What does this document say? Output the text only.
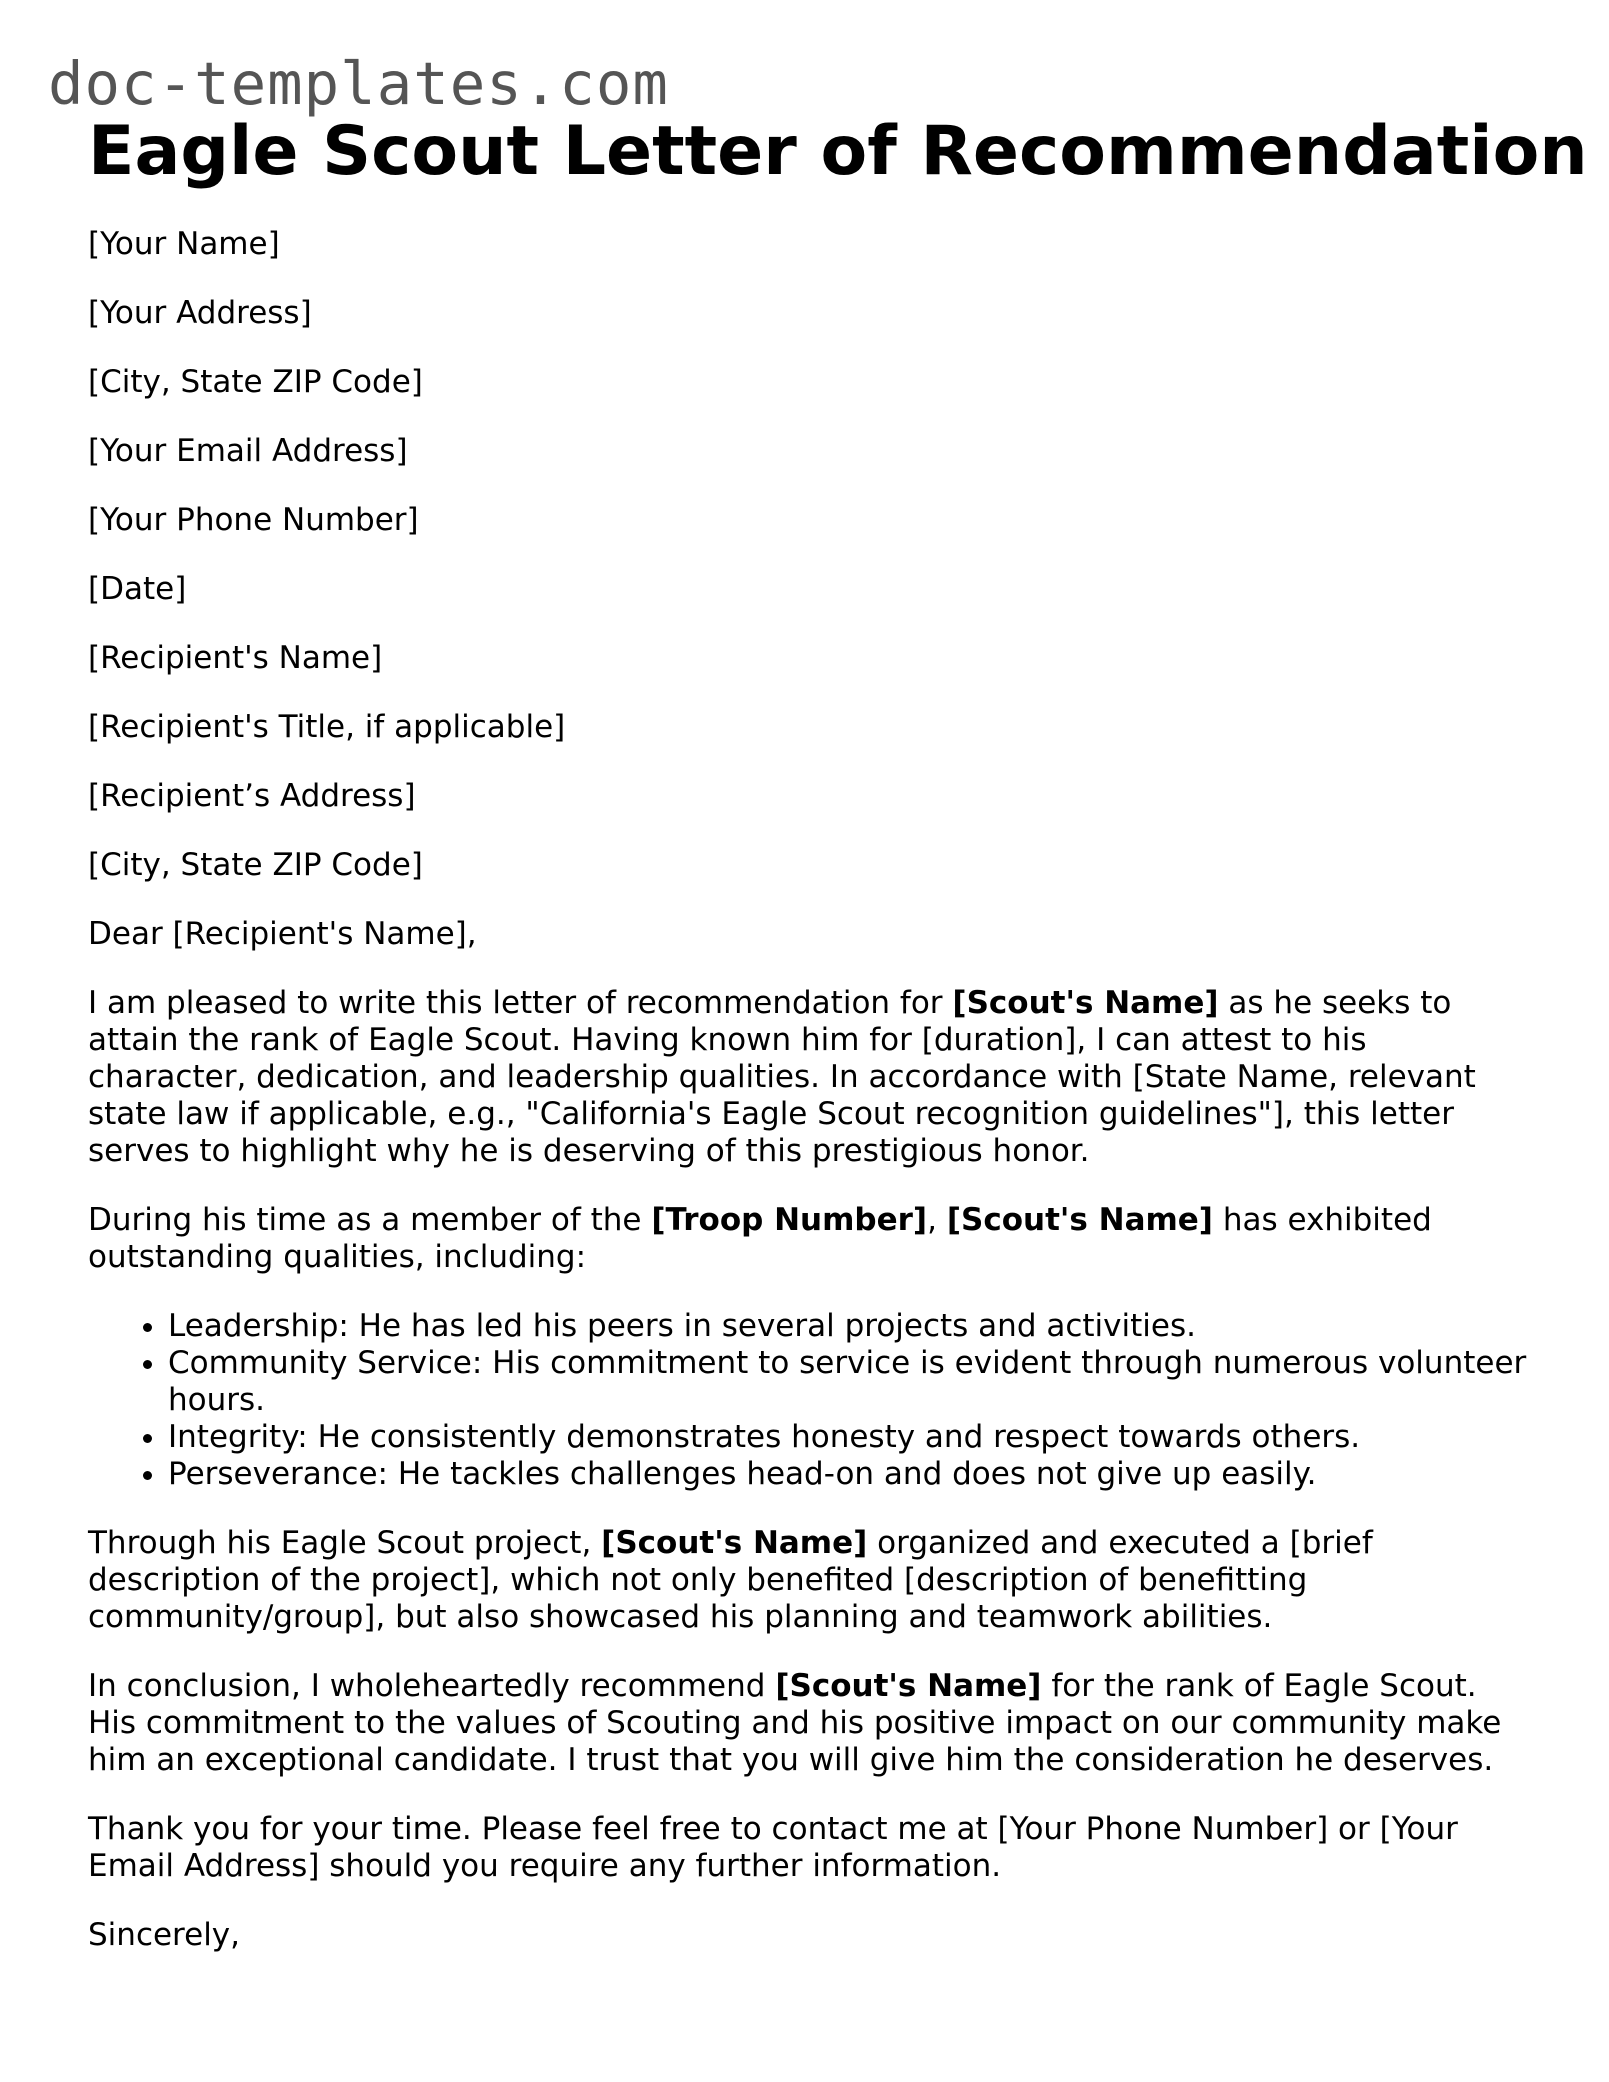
doc-templates.com
Eagle Scout Letter of Recommendation
[Your Name]
[Your Address]
[City, State ZIP Code]
[Your Email Address]
[Your Phone Number]
[Date]
[Recipient's Name]
[Recipient's Title, if applicable]
[Recipient’s Address]
[City, State ZIP Code]
Dear [Recipient's Name],

I am pleased to write this letter of recommendation for [Scout's Name] as he seeks to attain the rank of Eagle Scout. Having known him for [duration], I can attest to his character, dedication, and leadership qualities. In accordance with [State Name, relevant state law if applicable, e.g., "California's Eagle Scout recognition guidelines"], this letter serves to highlight why he is deserving of this prestigious honor.

During his time as a member of the [Troop Number], [Scout's Name] has exhibited outstanding qualities, including:

• Leadership: He has led his peers in several projects and activities.
• Community Service: His commitment to service is evident through numerous volunteer hours.
• Integrity: He consistently demonstrates honesty and respect towards others.
• Perseverance: He tackles challenges head-on and does not give up easily.

Through his Eagle Scout project, [Scout's Name] organized and executed a [brief description of the project], which not only benefited [description of benefitting community/group], but also showcased his planning and teamwork abilities.

In conclusion, I wholeheartedly recommend [Scout's Name] for the rank of Eagle Scout. His commitment to the values of Scouting and his positive impact on our community make him an exceptional candidate. I trust that you will give him the consideration he deserves.

Thank you for your time. Please feel free to contact me at [Your Phone Number] or [Your Email Address] should you require any further information.

Sincerely,
